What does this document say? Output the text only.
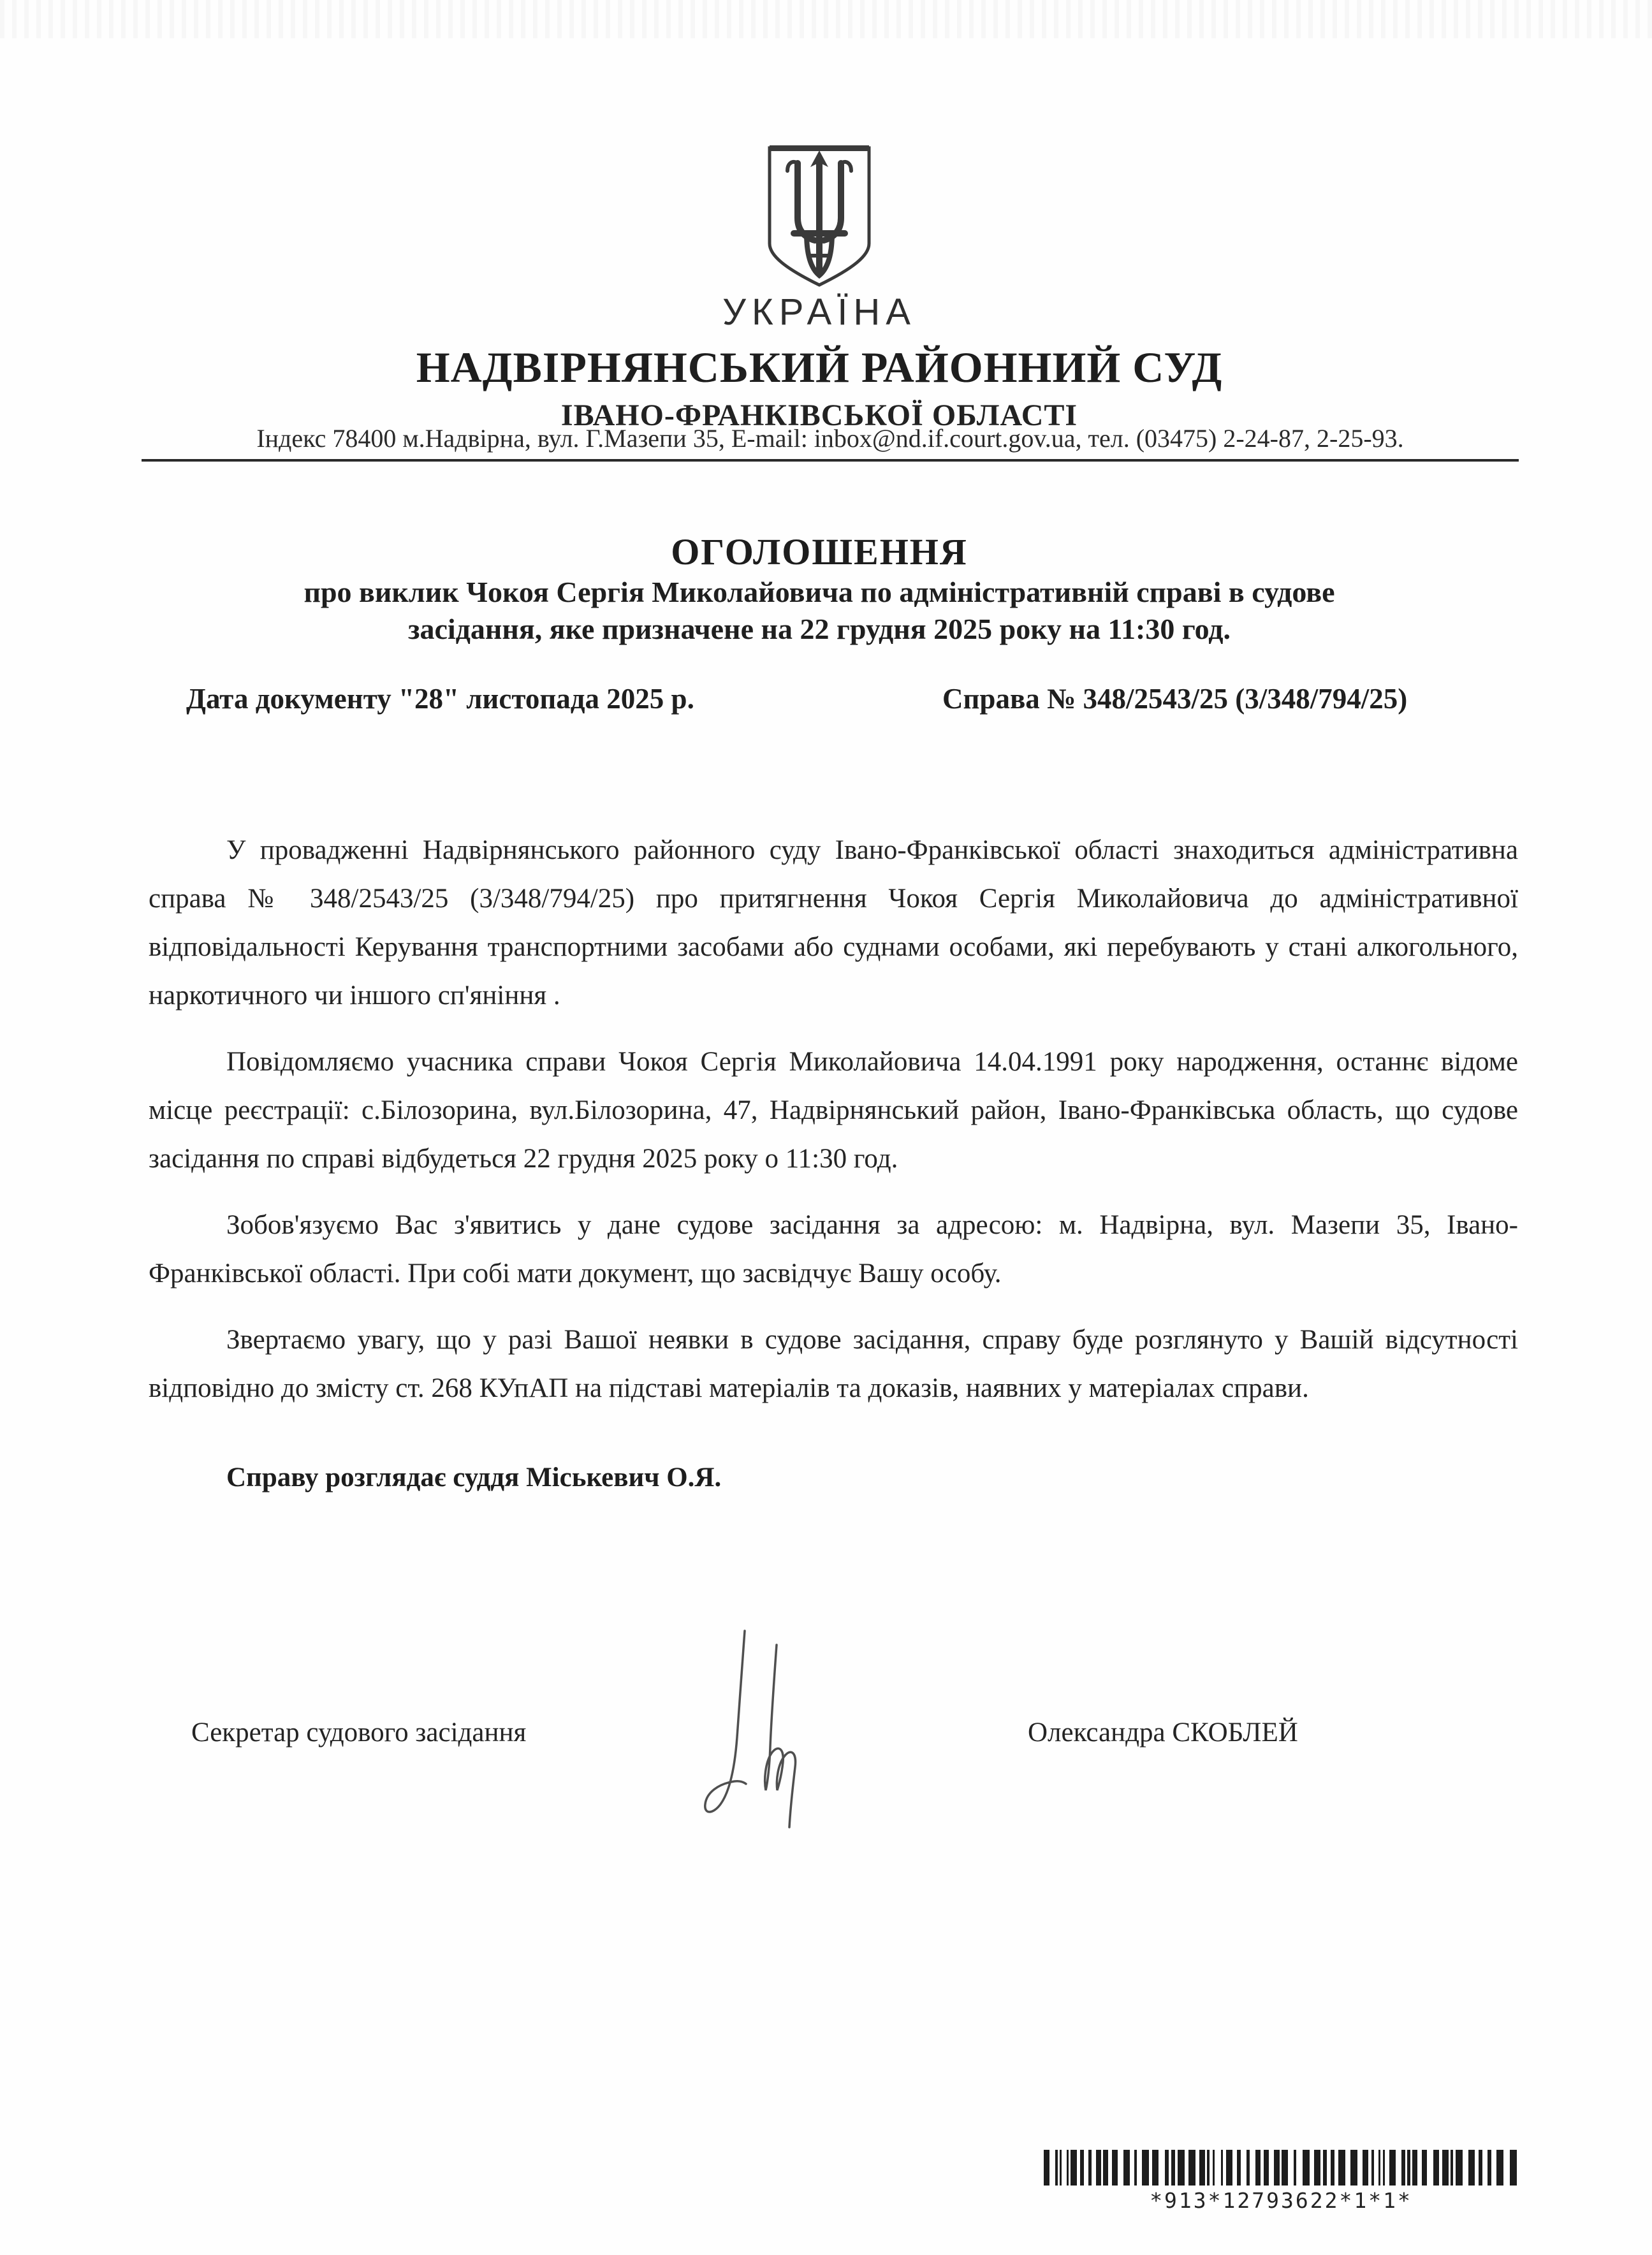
УКРАЇНА
НАДВІРНЯНСЬКИЙ РАЙОННИЙ СУД
ІВАНО-ФРАНКІВСЬКОЇ ОБЛАСТІ
Індекс 78400 м.Надвірна, вул. Г.Мазепи 35, E-mail: inbox@nd.if.court.gov.ua, тел. (03475) 2-24-87, 2-25-93.
ОГОЛОШЕННЯ
про виклик Чокоя Сергія Миколайовича по адміністративній справі в судове
засідання, яке призначене на 22 грудня 2025 року на 11:30 год.
Дата документу "28" листопада 2025 р.	Справа № 348/2543/25 (3/348/794/25)

У провадженні Надвірнянського районного суду Івано-Франківської області знаходиться адміністративна справа № 348/2543/25 (3/348/794/25) про притягнення Чокоя Сергія Миколайовича до адміністративної відповідальності Керування транспортними засобами або суднами особами, які перебувають у стані алкогольного, наркотичного чи іншого сп'яніння .

Повідомляємо учасника справи Чокоя Сергія Миколайовича 14.04.1991 року народження, останнє відоме місце реєстрації: с.Білозорина, вул.Білозорина, 47, Надвірнянський район, Івано-Франківська область, що судове засідання по справі відбудеться 22 грудня 2025 року о 11:30 год.

Зобов'язуємо Вас з'явитись у дане судове засідання за адресою: м. Надвірна, вул. Мазепи 35, Івано-Франківської області. При собі мати документ, що засвідчує Вашу особу.

Звертаємо увагу, що у разі Вашої неявки в судове засідання, справу буде розглянуто у Вашій відсутності відповідно до змісту ст. 268 КУпАП на підставі матеріалів та доказів, наявних у матеріалах справи.

Справу розглядає суддя Міськевич О.Я.

Секретар судового засідання	Олександра СКОБЛЕЙ
*913*12793622*1*1*
